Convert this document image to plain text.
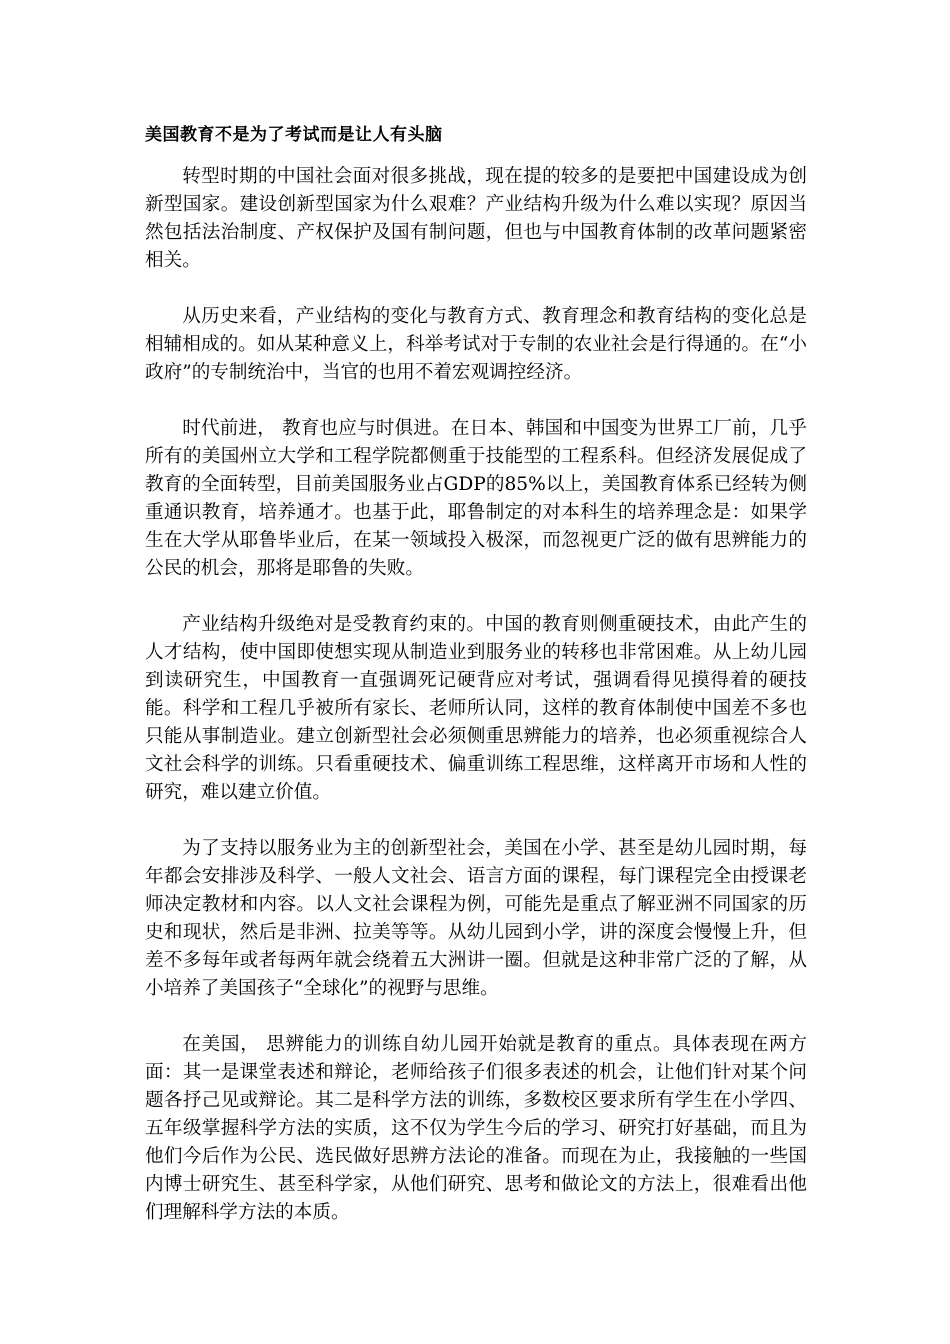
美国教育不是为了考试而是让人有头脑

转型时期的中国社会面对很多挑战，现在提的较多的是要把中国建设成为创新型国家。建设创新型国家为什么艰难？产业结构升级为什么难以实现？原因当然包括法治制度、产权保护及国有制问题，但也与中国教育体制的改革问题紧密相关。

从历史来看，产业结构的变化与教育方式、教育理念和教育结构的变化总是相辅相成的。如从某种意义上，科举考试对于专制的农业社会是行得通的。在“小政府”的专制统治中，当官的也用不着宏观调控经济。

时代前进， 教育也应与时俱进。在日本、韩国和中国变为世界工厂前，几乎所有的美国州立大学和工程学院都侧重于技能型的工程系科。但经济发展促成了教育的全面转型，目前美国服务业占GDP的85%以上，美国教育体系已经转为侧重通识教育，培养通才。也基于此，耶鲁制定的对本科生的培养理念是：如果学生在大学从耶鲁毕业后，在某一领域投入极深，而忽视更广泛的做有思辨能力的公民的机会，那将是耶鲁的失败。

产业结构升级绝对是受教育约束的。中国的教育则侧重硬技术，由此产生的人才结构，使中国即使想实现从制造业到服务业的转移也非常困难。从上幼儿园到读研究生，中国教育一直强调死记硬背应对考试，强调看得见摸得着的硬技能。科学和工程几乎被所有家长、老师所认同，这样的教育体制使中国差不多也只能从事制造业。建立创新型社会必须侧重思辨能力的培养，也必须重视综合人文社会科学的训练。只看重硬技术、偏重训练工程思维，这样离开市场和人性的研究，难以建立价值。

为了支持以服务业为主的创新型社会，美国在小学、甚至是幼儿园时期，每年都会安排涉及科学、一般人文社会、语言方面的课程，每门课程完全由授课老师决定教材和内容。以人文社会课程为例，可能先是重点了解亚洲不同国家的历史和现状，然后是非洲、拉美等等。从幼儿园到小学，讲的深度会慢慢上升，但差不多每年或者每两年就会绕着五大洲讲一圈。但就是这种非常广泛的了解，从小培养了美国孩子“全球化”的视野与思维。

在美国， 思辨能力的训练自幼儿园开始就是教育的重点。具体表现在两方面：其一是课堂表述和辩论，老师给孩子们很多表述的机会，让他们针对某个问题各抒己见或辩论。其二是科学方法的训练，多数校区要求所有学生在小学四、五年级掌握科学方法的实质，这不仅为学生今后的学习、研究打好基础，而且为他们今后作为公民、选民做好思辨方法论的准备。而现在为止，我接触的一些国内博士研究生、甚至科学家，从他们研究、思考和做论文的方法上，很难看出他们理解科学方法的本质。
